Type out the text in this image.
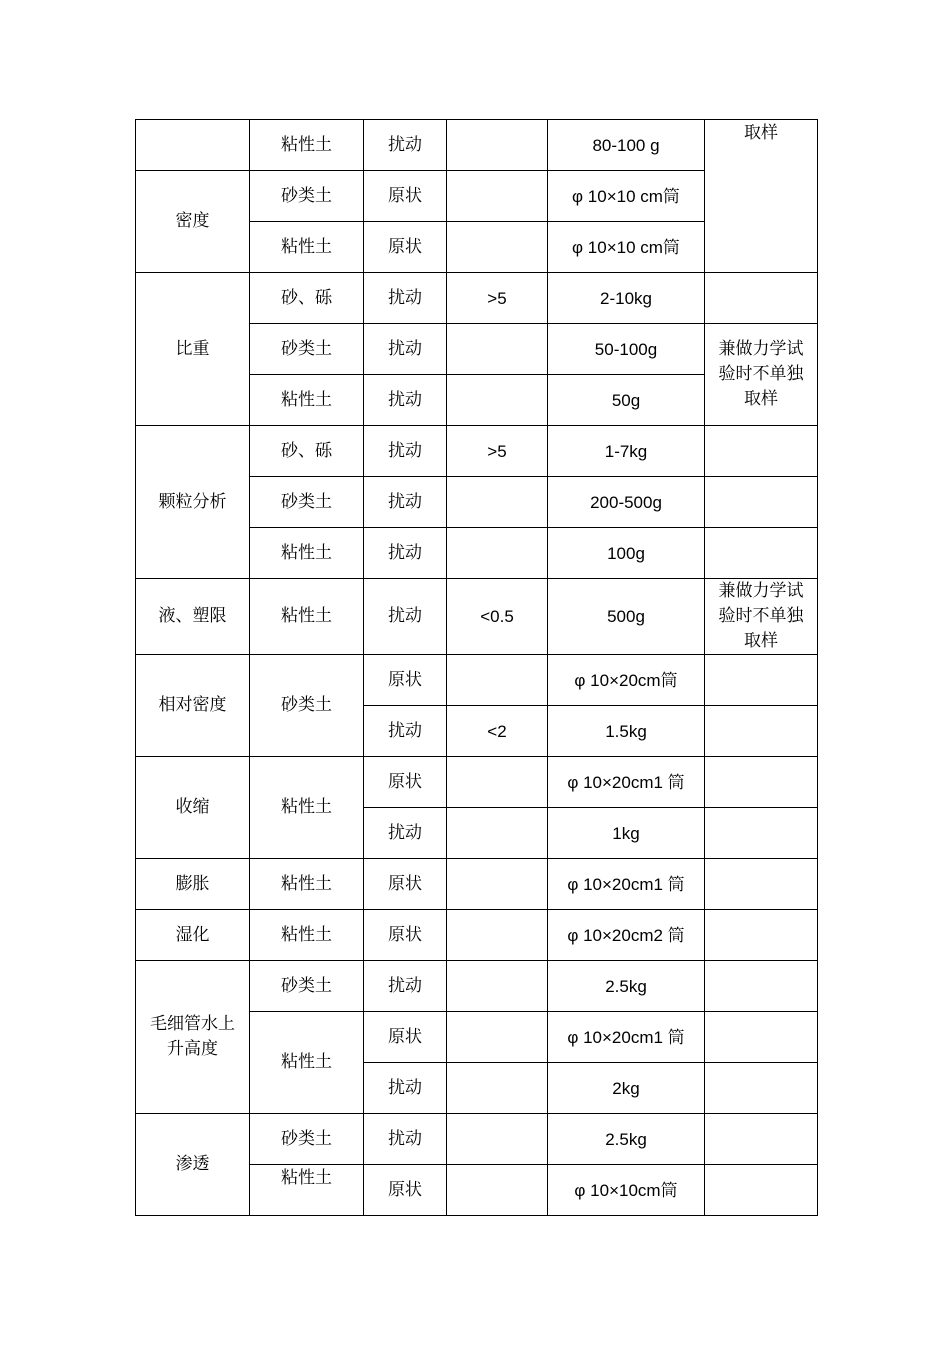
	粘性土	扰动		80-100 g	取样
密度	砂类土	原状		φ 10×10 cm筒	
	粘性土	原状		φ 10×10 cm筒	
比重	砂、砾	扰动	>5	2-10kg	
	砂类土	扰动		50-100g	兼做力学试
验时不单独
取样
	粘性土	扰动		50g	
颗粒分析	砂、砾	扰动	>5	1-7kg	
	砂类土	扰动		200-500g	
	粘性土	扰动		100g	
液、塑限	粘性土	扰动	<0.5	500g	兼做力学试
验时不单独
取样
相对密度	砂类土	原状		φ 10×20cm筒	
		扰动	<2	1.5kg	
收缩	粘性土	原状		φ 10×20cm1 筒	
		扰动		1kg	
膨胀	粘性土	原状		φ 10×20cm1 筒	
湿化	粘性土	原状		φ 10×20cm2 筒	
毛细管水上
升高度	砂类土	扰动		2.5kg	
	粘性土	原状		φ 10×20cm1 筒	
		扰动		2kg	
渗透	砂类土	扰动		2.5kg	
	粘性土	原状		φ 10×10cm筒	
